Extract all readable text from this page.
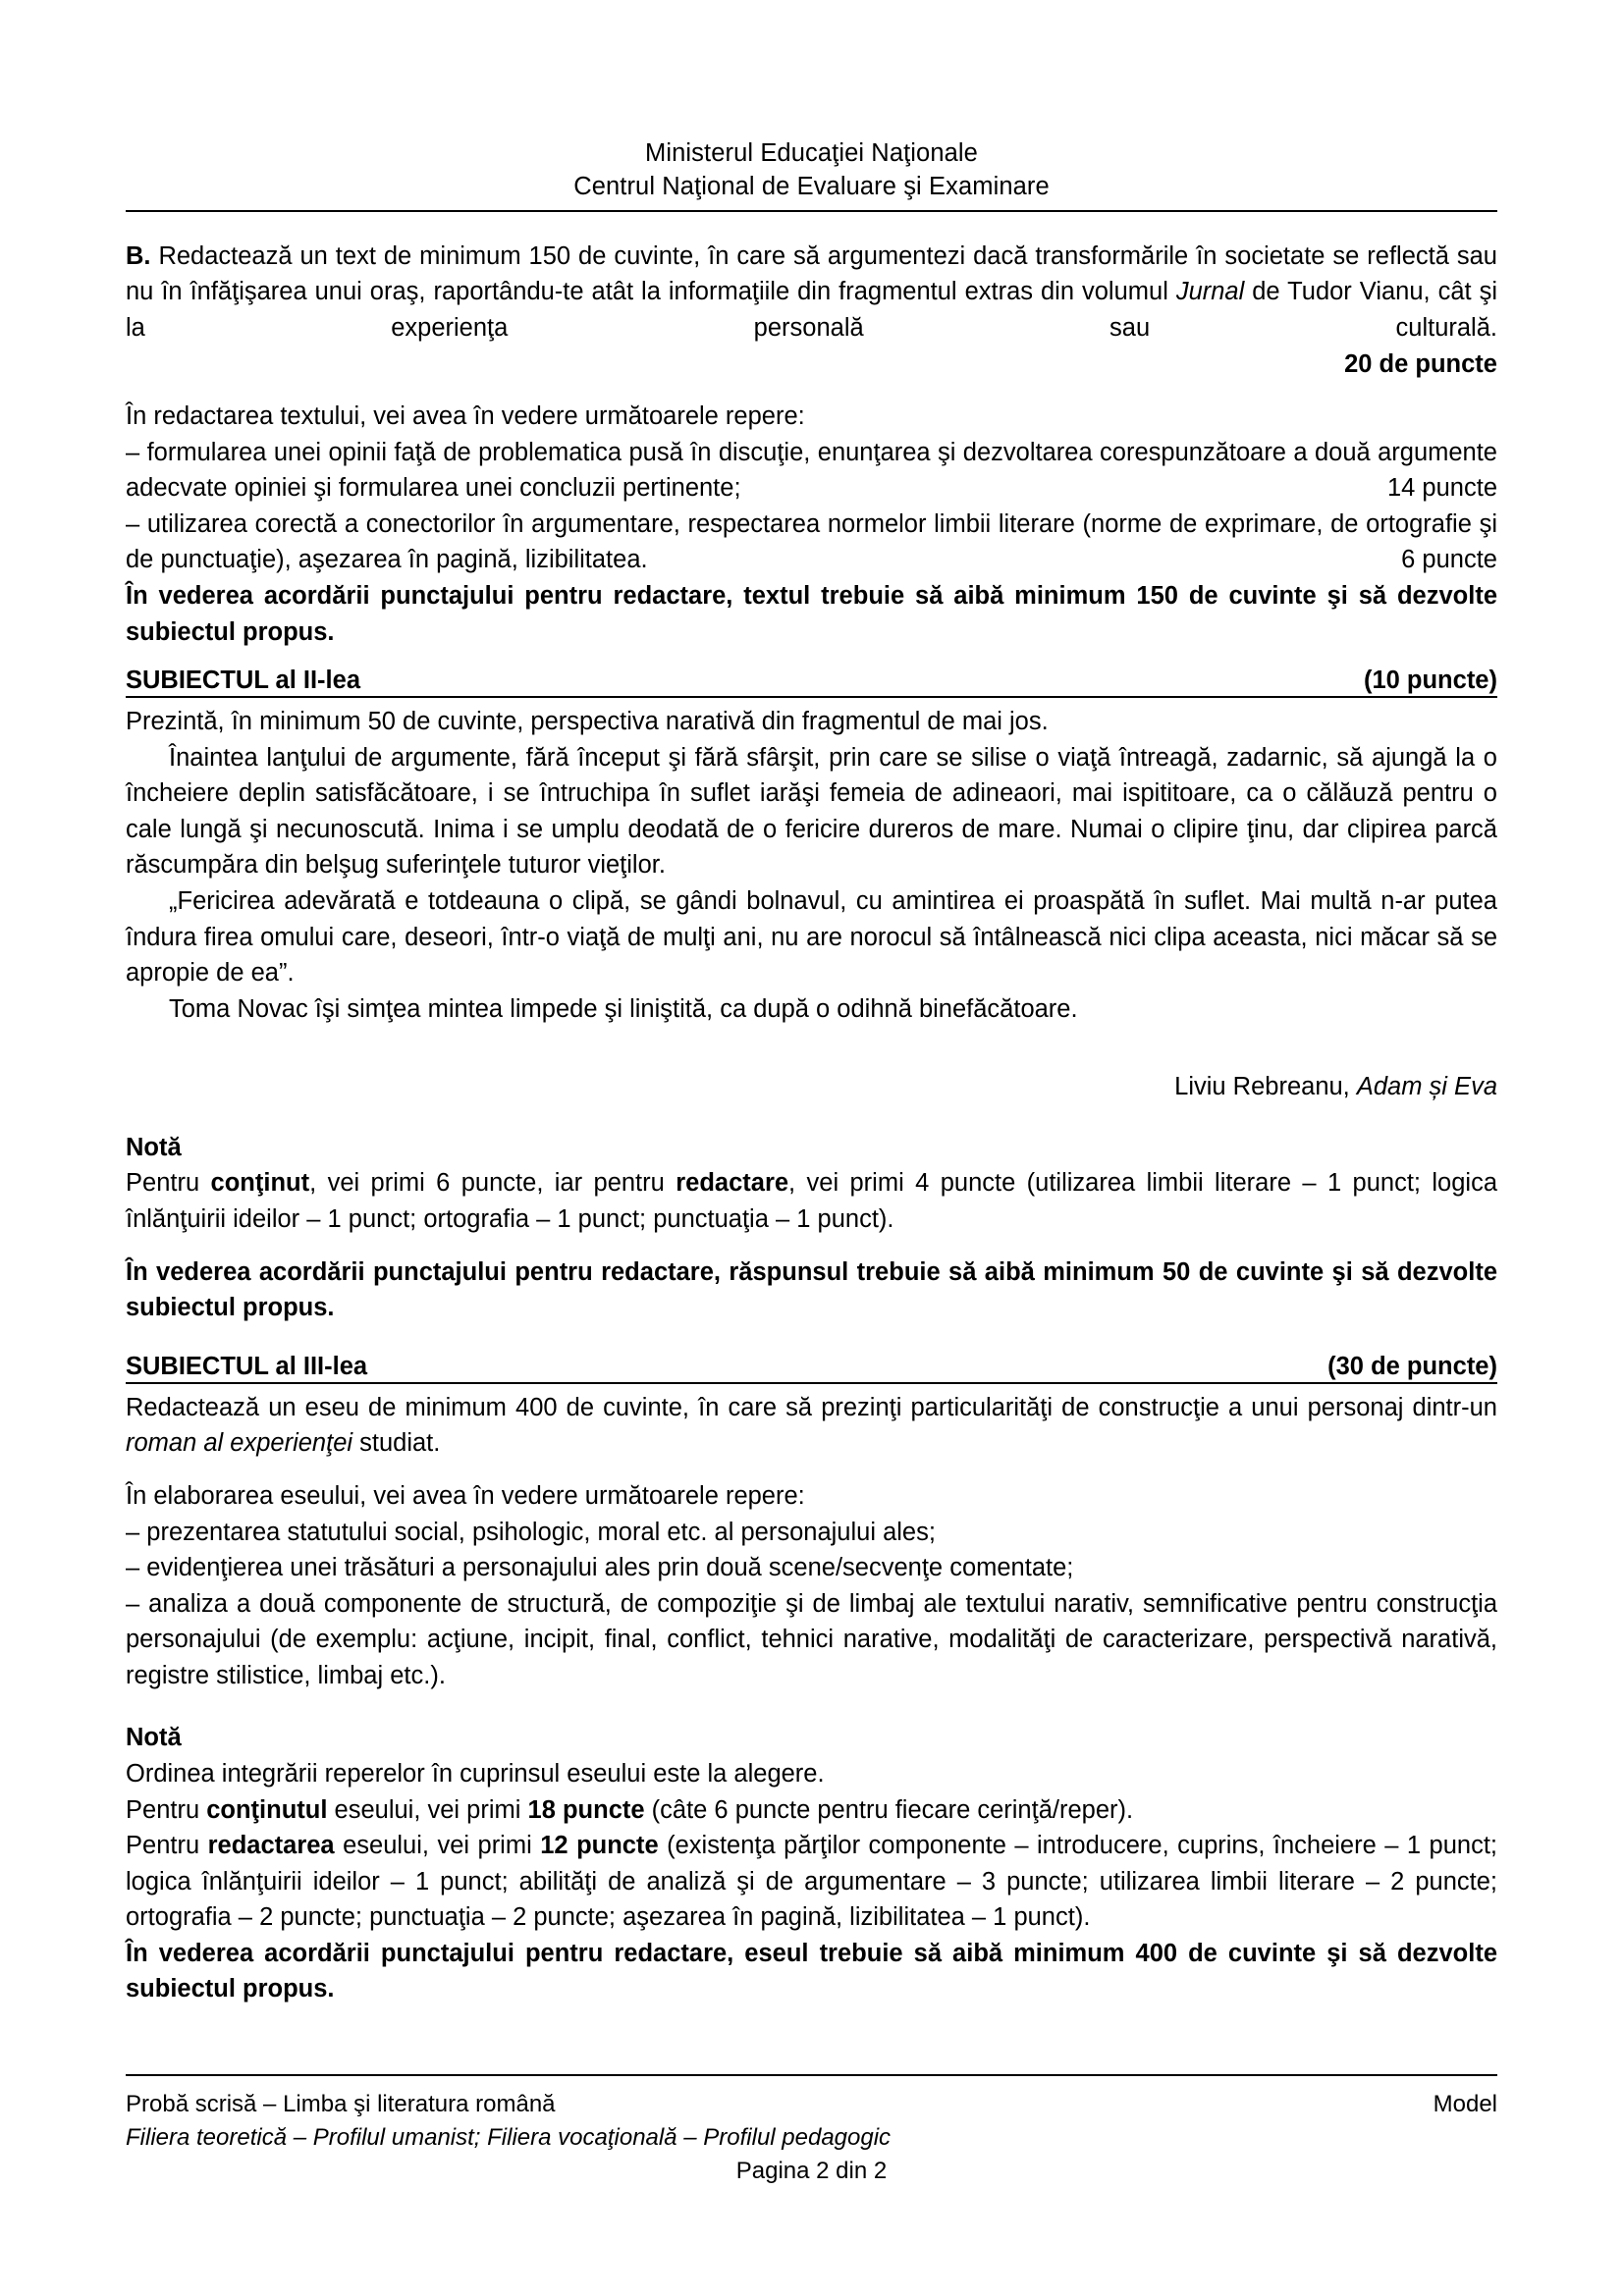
Ministerul Educaţiei Naţionale
Centrul Naţional de Evaluare şi Examinare

B. Redactează un text de minimum 150 de cuvinte, în care să argumentezi dacă transformările în societate se reflectă sau nu în înfăţişarea unui oraş, raportându-te atât la informaţiile din fragmentul extras din volumul Jurnal de Tudor Vianu, cât şi la experienţa personală sau culturală.

20 de puncte

În redactarea textului, vei avea în vedere următoarele repere:

– formularea unei opinii faţă de problematica pusă în discuţie, enunţarea şi dezvoltarea corespunzătoare a două argumente adecvate opiniei şi formularea unei concluzii pertinente;	14 puncte

– utilizarea corectă a conectorilor în argumentare, respectarea normelor limbii literare (norme de exprimare, de ortografie şi de punctuaţie), aşezarea în pagină, lizibilitatea.	6 puncte

În vederea acordării punctajului pentru redactare, textul trebuie să aibă minimum 150 de cuvinte şi să dezvolte subiectul propus.

SUBIECTUL al II-lea	(10 puncte)

Prezintă, în minimum 50 de cuvinte, perspectiva narativă din fragmentul de mai jos.

Înaintea lanţului de argumente, fără început şi fără sfârşit, prin care se silise o viaţă întreagă, zadarnic, să ajungă la o încheiere deplin satisfăcătoare, i se întruchipa în suflet iarăşi femeia de adineaori, mai ispititoare, ca o călăuză pentru o cale lungă şi necunoscută. Inima i se umplu deodată de o fericire dureros de mare. Numai o clipire ţinu, dar clipirea parcă răscumpăra din belşug suferinţele tuturor vieţilor.

„Fericirea adevărată e totdeauna o clipă, se gândi bolnavul, cu amintirea ei proaspătă în suflet. Mai multă n-ar putea îndura firea omului care, deseori, într-o viaţă de mulţi ani, nu are norocul să întâlnească nici clipa aceasta, nici măcar să se apropie de ea”.

Toma Novac îşi simţea mintea limpede şi liniştită, ca după o odihnă binefăcătoare.

Liviu Rebreanu, Adam și Eva

Notă

Pentru conţinut, vei primi 6 puncte, iar pentru redactare, vei primi 4 puncte (utilizarea limbii literare – 1 punct; logica înlănţuirii ideilor – 1 punct; ortografia – 1 punct; punctuaţia – 1 punct).

În vederea acordării punctajului pentru redactare, răspunsul trebuie să aibă minimum 50 de cuvinte şi să dezvolte subiectul propus.

SUBIECTUL al III-lea	(30 de puncte)

Redactează un eseu de minimum 400 de cuvinte, în care să prezinţi particularităţi de construcţie a unui personaj dintr-un roman al experienţei studiat.

În elaborarea eseului, vei avea în vedere următoarele repere:

– prezentarea statutului social, psihologic, moral etc. al personajului ales;

– evidenţierea unei trăsături a personajului ales prin două scene/secvenţe comentate;

– analiza a două componente de structură, de compoziţie şi de limbaj ale textului narativ, semnificative pentru construcţia personajului (de exemplu: acţiune, incipit, final, conflict, tehnici narative, modalităţi de caracterizare, perspectivă narativă, registre stilistice, limbaj etc.).

Notă

Ordinea integrării reperelor în cuprinsul eseului este la alegere.

Pentru conţinutul eseului, vei primi 18 puncte (câte 6 puncte pentru fiecare cerinţă/reper).

Pentru redactarea eseului, vei primi 12 puncte (existenţa părţilor componente – introducere, cuprins, încheiere – 1 punct; logica înlănţuirii ideilor – 1 punct; abilităţi de analiză şi de argumentare – 3 puncte; utilizarea limbii literare – 2 puncte; ortografia – 2 puncte; punctuaţia – 2 puncte; aşezarea în pagină, lizibilitatea – 1 punct).

În vederea acordării punctajului pentru redactare, eseul trebuie să aibă minimum 400 de cuvinte şi să dezvolte subiectul propus.

Probă scrisă – Limba şi literatura română	Model
Filiera teoretică – Profilul umanist; Filiera vocaţională – Profilul pedagogic
Pagina 2 din 2
